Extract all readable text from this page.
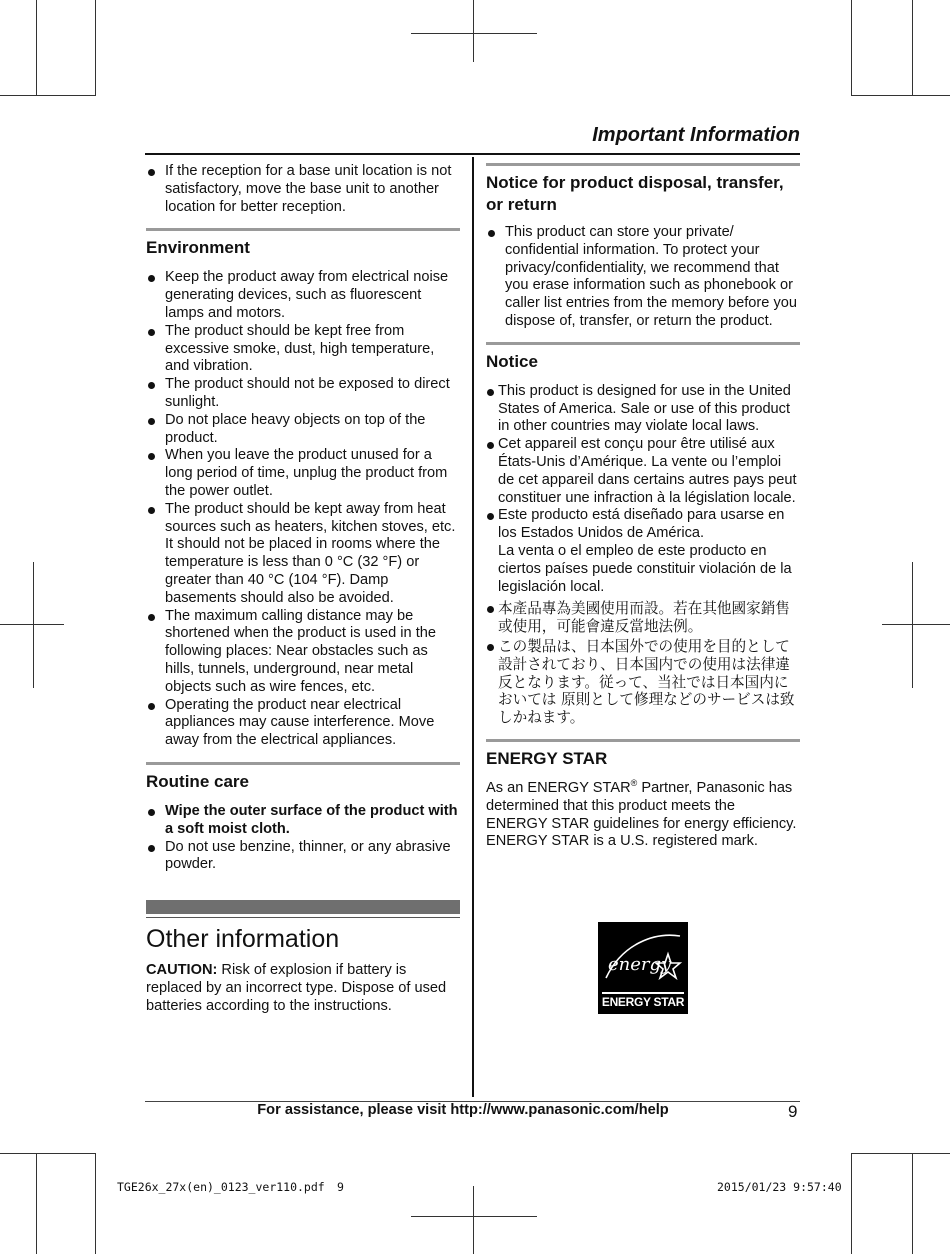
Important Information
If the reception for a base unit location is not satisfactory, move the base unit to another location for better reception.
Environment
Keep the product away from electrical noise generating devices, such as fluorescent lamps and motors.
The product should be kept free from excessive smoke, dust, high temperature, and vibration.
The product should not be exposed to direct sunlight.
Do not place heavy objects on top of the product.
When you leave the product unused for a long period of time, unplug the product from the power outlet.
The product should be kept away from heat sources such as heaters, kitchen stoves, etc. It should not be placed in rooms where the temperature is less than 0 °C (32 °F) or greater than 40 °C (104 °F). Damp basements should also be avoided.
The maximum calling distance may be shortened when the product is used in the following places: Near obstacles such as hills, tunnels, underground, near metal objects such as wire fences, etc.
Operating the product near electrical appliances may cause interference. Move away from the electrical appliances.
Routine care
Wipe the outer surface of the product with a soft moist cloth.
Do not use benzine, thinner, or any abrasive powder.
Other information
CAUTION: Risk of explosion if battery is replaced by an incorrect type. Dispose of used batteries according to the instructions.
Notice for product disposal, transfer, or return
This product can store your private/ confidential information. To protect your privacy/confidentiality, we recommend that you erase information such as phonebook or caller list entries from the memory before you dispose of, transfer, or return the product.
Notice
This product is designed for use in the United States of America. Sale or use of this product in other countries may violate local laws.
Cet appareil est conçu pour être utilisé aux États-Unis d’Amérique. La vente ou l’emploi de cet appareil dans certains autres pays peut constituer une infraction à la législation locale.
Este producto está diseñado para usarse en los Estados Unidos de América.
La venta o el empleo de este producto en ciertos países puede constituir violación de la legislación local.
本產品專為美國使用而設。若在其他國家銷售或使用，可能會違反當地法例。
この製品は、日本国外での使用を目的として設計されており、日本国内での使用は法律違反となります。従って、当社では日本国内においては 原則として修理などのサービスは致しかねます。
ENERGY STAR
As an ENERGY STAR® Partner, Panasonic has determined that this product meets the ENERGY STAR guidelines for energy efficiency. ENERGY STAR is a U.S. registered mark.
energy
ENERGY STAR
For assistance, please visit http://www.panasonic.com/help	9
TGE26x_27x(en)_0123_ver110.pdf 9	2015/01/23 9:57:40
